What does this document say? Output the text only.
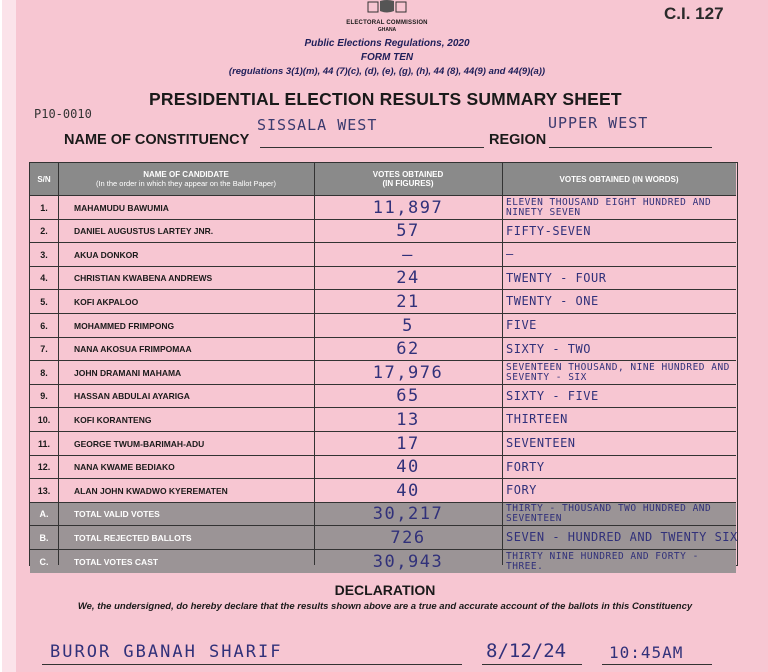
ELECTORAL COMMISSION
GHANA
C.I. 127
Public Elections Regulations, 2020
FORM TEN
(regulations 3(1)(m), 44 (7)(c), (d), (e), (g), (h), 44 (8), 44(9) and 44(9)(a))
P10-0010
PRESIDENTIAL ELECTION RESULTS SUMMARY SHEET
NAME OF CONSTITUENCY
SISSALA WEST
REGION
UPPER WEST
S/N	NAME OF CANDIDATE
(In the order in which they appear on the Ballot Paper)
VOTES OBTAINED
(IN FIGURES)	VOTES OBTAINED (IN WORDS)
1.	MAHAMUDU BAWUMIA	11,897	ELEVEN THOUSAND EIGHT HUNDRED AND NINETY SEVEN
2.	DANIEL AUGUSTUS LARTEY JNR.	57	FIFTY-SEVEN
3.	AKUA DONKOR	—	—
4.	CHRISTIAN KWABENA ANDREWS	24	TWENTY - FOUR
5.	KOFI AKPALOO	21	TWENTY - ONE
6.	MOHAMMED FRIMPONG	5	FIVE
7.	NANA AKOSUA FRIMPOMAA	62	SIXTY - TWO
8.	JOHN DRAMANI MAHAMA	17,976	SEVENTEEN THOUSAND, NINE HUNDRED AND SEVENTY - SIX
9.	HASSAN ABDULAI AYARIGA	65	SIXTY - FIVE
10.	KOFI KORANTENG	13	THIRTEEN
11.	GEORGE TWUM-BARIMAH-ADU	17	SEVENTEEN
12.	NANA KWAME BEDIAKO	40	FORTY
13.	ALAN JOHN KWADWO KYEREMATEN	40	FORY
A.	TOTAL VALID VOTES	30,217	THIRTY - THOUSAND TWO HUNDRED AND SEVENTEEN
B.	TOTAL REJECTED BALLOTS	726	SEVEN - HUNDRED AND TWENTY SIX
C.	TOTAL VOTES CAST	30,943	THIRTY NINE HUNDRED AND FORTY - THREE.
DECLARATION
We, the undersigned, do hereby declare that the results shown above are a true and accurate account of the ballots in this Constituency
BUROR GBANAH SHARIF	8/12/24	10:45AM
